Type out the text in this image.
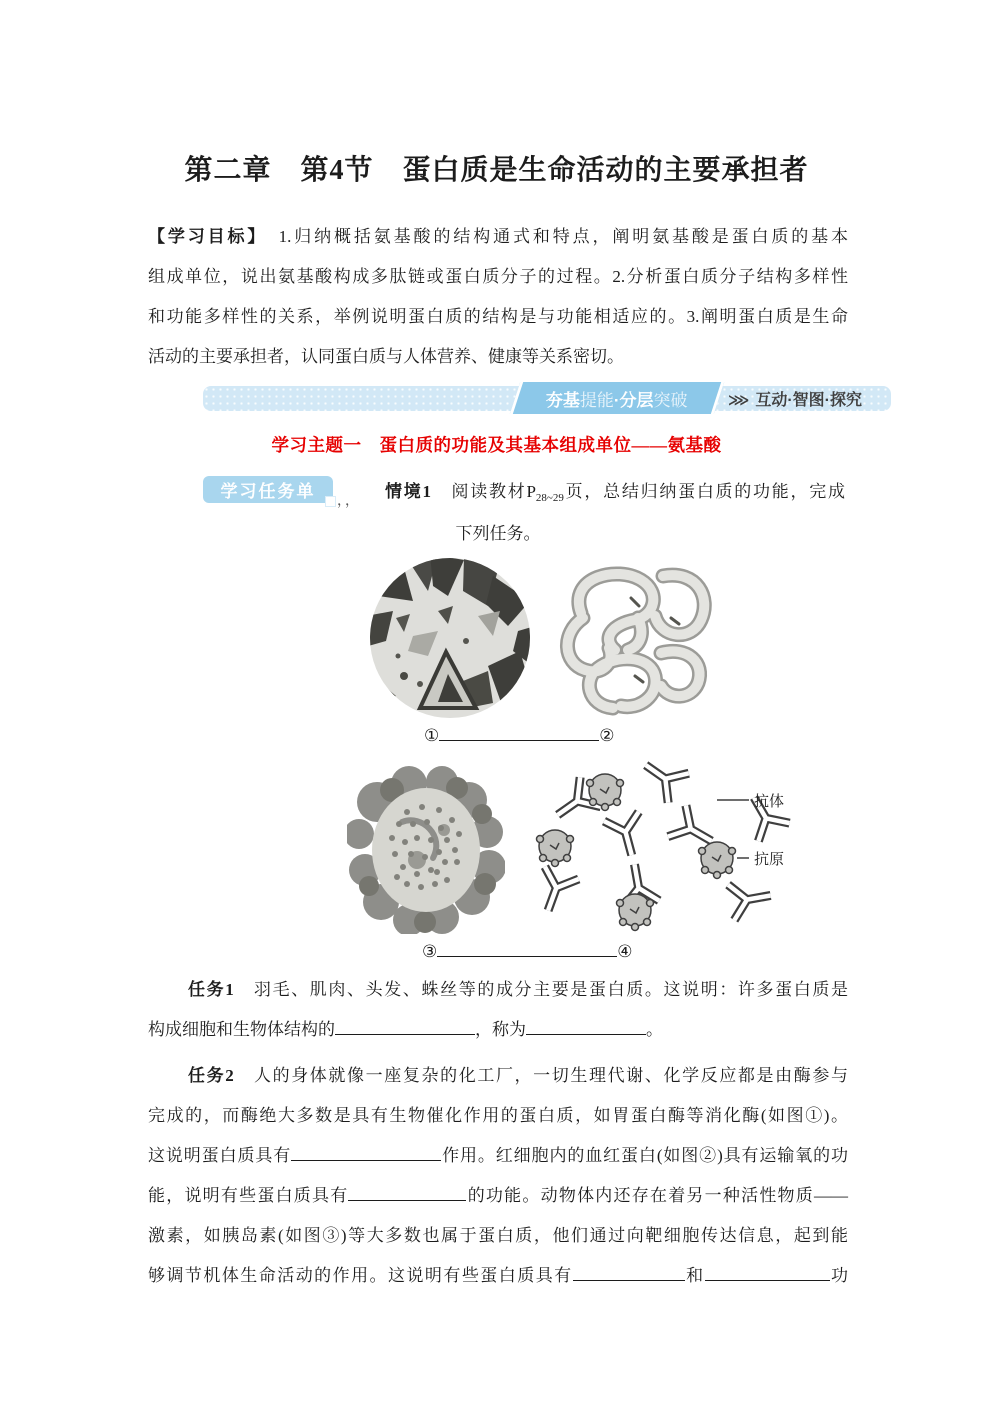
第二章　第4节　蛋白质是生命活动的主要承担者
【学习目标】　1.归纳概括氨基酸的结构通式和特点，阐明氨基酸是蛋白质的基本
组成单位，说出氨基酸构成多肽链或蛋白质分子的过程。2.分析蛋白质分子结构多样性
和功能多样性的关系，举例说明蛋白质的结构是与功能相适应的。3.阐明蛋白质是生命
活动的主要承担者，认同蛋白质与人体营养、健康等关系密切。
夯基提能·分层突破	⋙ 互动·智图·探究
学习主题一　蛋白质的功能及其基本组成单位——氨基酸
学习任务单
，，
情境1　阅读教材$P_{28\sim 29}$页，总结归纳蛋白质的功能，完成
下列任务。
①	②
抗体
抗原
③	④
任务1　羽毛、肌肉、头发、蛛丝等的成分主要是蛋白质。这说明：许多蛋白质是
构成细胞和生物体结构的	，称为	。
任务2　人的身体就像一座复杂的化工厂，一切生理代谢、化学反应都是由酶参与
完成的，而酶绝大多数是具有生物催化作用的蛋白质，如胃蛋白酶等消化酶(如图①)。
这说明蛋白质具有	作用。红细胞内的血红蛋白(如图②)具有运输氧的功
能，说明有些蛋白质具有	的功能。动物体内还存在着另一种活性物质——
激素，如胰岛素(如图③)等大多数也属于蛋白质，他们通过向靶细胞传达信息，起到能
够调节机体生命活动的作用。这说明有些蛋白质具有	和	功
